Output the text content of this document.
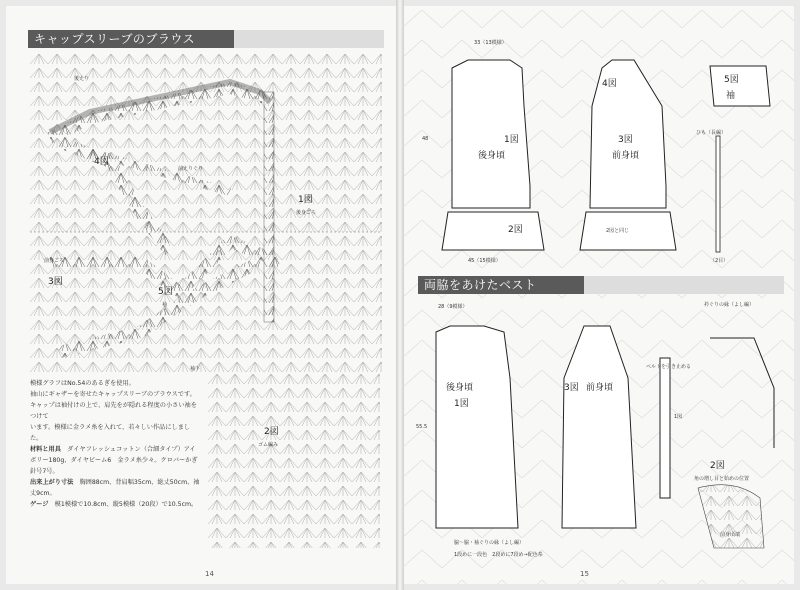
キャップスリーブのブラウス
4図
1図
後身ごろ
3図
前身ごろ
5図
袖
後えり
前えりぐり
袖下
2図
ゴム編み

模様グラフはNo.54のあるぎを使用。

袖山にギャザーを寄せたキャップスリーブのブラウスです。

キャップは袖付けの上で、肩先をが隠れる程度の小さい袖をつけて

います。模様に金ラメ糸を入れて、若々しい作品にしました。

材料と用具　 ダイヤフレッシュコットン（合細タイプ）アイボリー180g、ダイヤビーム6　金ラメ糸少々。クロバーかぎ針号7号。

出来上がり寸法　 胸囲88cm、背肩幅35cm、総丈50cm、袖丈9cm。

ゲージ　 模1模様で10.8cm、縦5模様（20段）で10.5cm。

14
1図
後身頃
2図
33（13模様）
45（15模様）
48
4図
3図
前身頃
2図と同じ
5図
袖
ひも（長編）
（2目）
両脇をあけたベスト
後身頃
1図
28（9模様）
55.5
3図 前身頃
ベルトを引き止める
1図
衿ぐりの縁（よし編）
2図
角の増し目と始めの位置
前身頃端
脇～脇・袖ぐりの縁（よし編）
1段めに一段色　2段めに7段め→配色糸
15
